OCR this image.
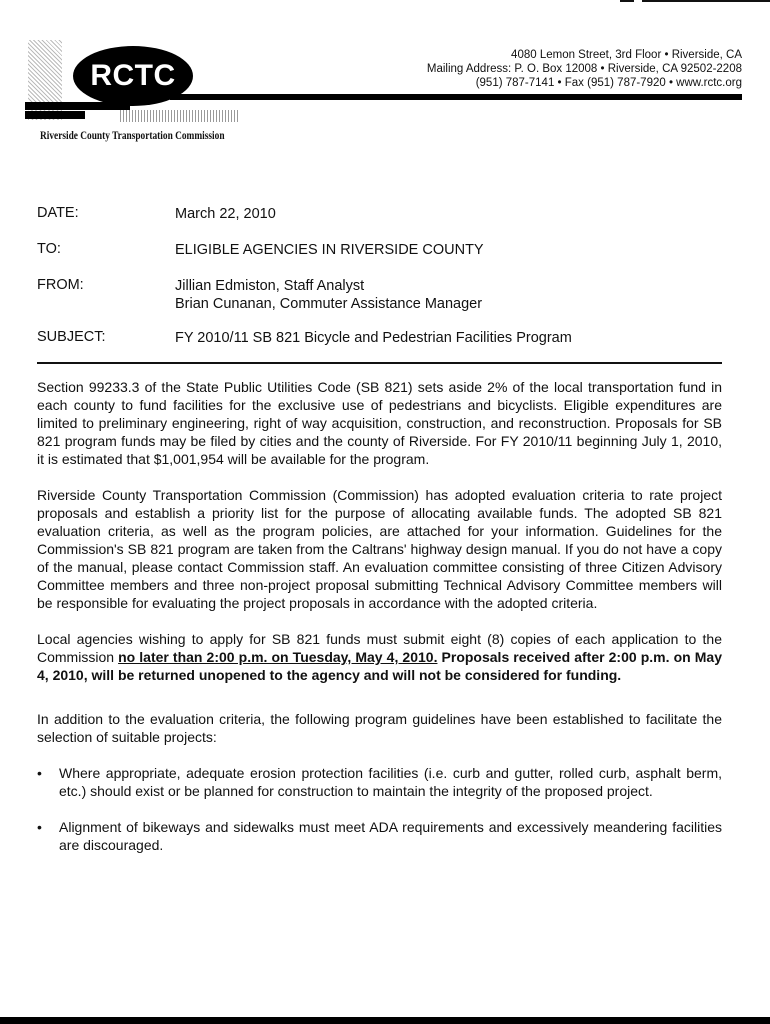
RCTC
Riverside County Transportation Commission
4080 Lemon Street, 3rd Floor • Riverside, CA
Mailing Address: P. O. Box 12008 • Riverside, CA 92502-2208
(951) 787-7141 • Fax (951) 787-7920 • www.rctc.org
DATE:	March 22, 2010
TO:	ELIGIBLE AGENCIES IN RIVERSIDE COUNTY
FROM:	Jillian Edmiston, Staff Analyst
Brian Cunanan, Commuter Assistance Manager
SUBJECT:	FY 2010/11 SB 821 Bicycle and Pedestrian Facilities Program

Section 99233.3 of the State Public Utilities Code (SB 821) sets aside 2% of the local transportation fund in each county to fund facilities for the exclusive use of pedestrians and bicyclists. Eligible expenditures are limited to preliminary engineering, right of way acquisition, construction, and reconstruction. Proposals for SB 821 program funds may be filed by cities and the county of Riverside. For FY 2010/11 beginning July 1, 2010, it is estimated that $1,001,954 will be available for the program.

Riverside County Transportation Commission (Commission) has adopted evaluation criteria to rate project proposals and establish a priority list for the purpose of allocating available funds. The adopted SB 821 evaluation criteria, as well as the program policies, are attached for your information. Guidelines for the Commission's SB 821 program are taken from the Caltrans' highway design manual. If you do not have a copy of the manual, please contact Commission staff. An evaluation committee consisting of three Citizen Advisory Committee members and three non-project proposal submitting Technical Advisory Committee members will be responsible for evaluating the project proposals in accordance with the adopted criteria.

Local agencies wishing to apply for SB 821 funds must submit eight (8) copies of each application to the Commission no later than 2:00 p.m. on Tuesday, May 4, 2010. Proposals received after 2:00 p.m. on May 4, 2010, will be returned unopened to the agency and will not be considered for funding.

In addition to the evaluation criteria, the following program guidelines have been established to facilitate the selection of suitable projects:

• Where appropriate, adequate erosion protection facilities (i.e. curb and gutter, rolled curb, asphalt berm, etc.) should exist or be planned for construction to maintain the integrity of the proposed project.
• Alignment of bikeways and sidewalks must meet ADA requirements and excessively meandering facilities are discouraged.
